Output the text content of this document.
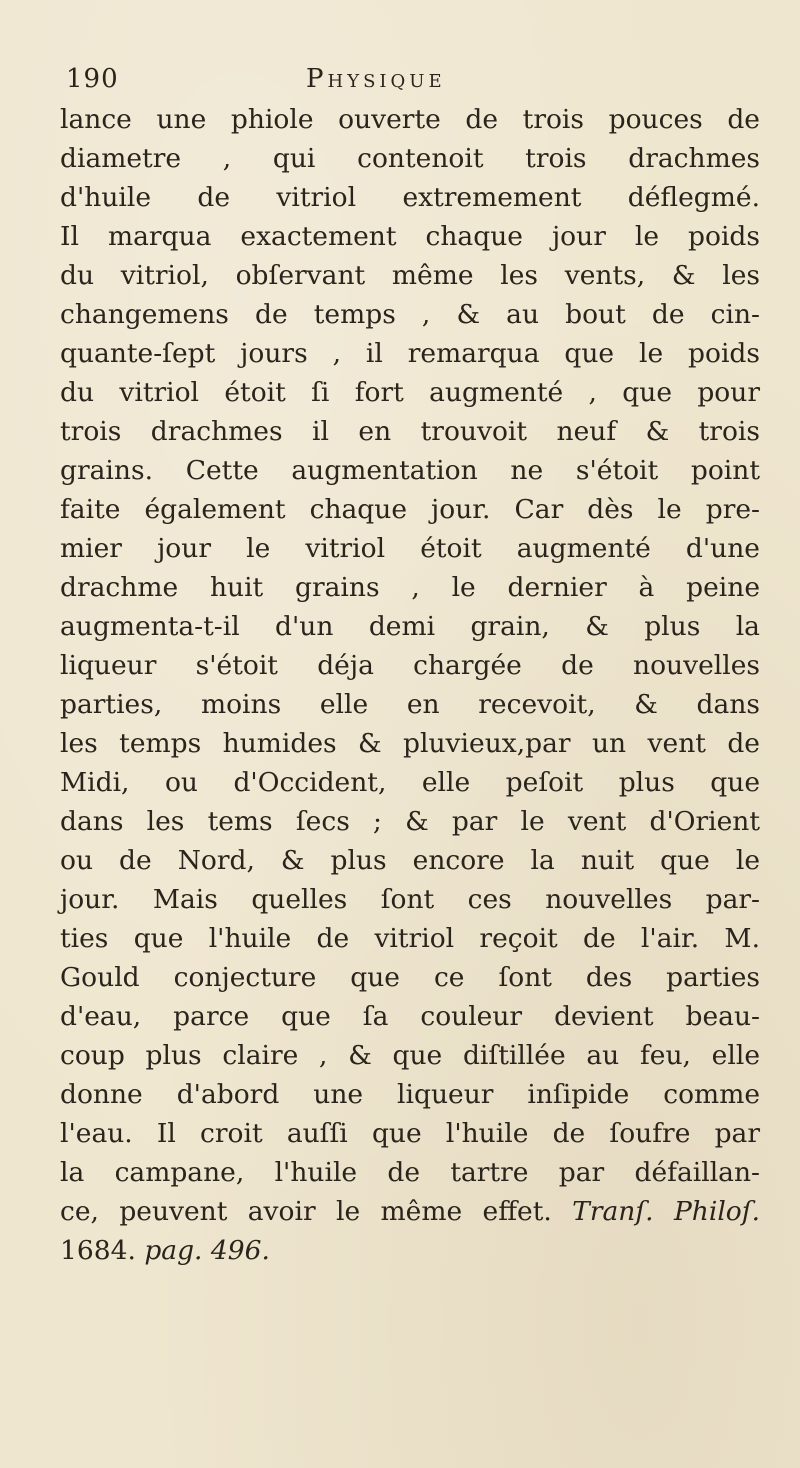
190	Physique
lance une phiole ouverte de trois pouces de
diametre , qui contenoit trois drachmes
d'huile de vitriol extremement déflegmé.
Il marqua exactement chaque jour le poids
du vitriol, obſervant même les vents, & les
changemens de temps , & au bout de cin-
quante-ſept jours , il remarqua que le poids
du vitriol étoit ſi fort augmenté , que pour
trois drachmes il en trouvoit neuf & trois
grains. Cette augmentation ne s'étoit point
faite également chaque jour. Car dès le pre-
mier jour le vitriol étoit augmenté d'une
drachme huit grains , le dernier à peine
augmenta-t-il d'un demi grain, & plus la
liqueur s'étoit déja chargée de nouvelles
parties, moins elle en recevoit, & dans
les temps humides & pluvieux,par un vent de
Midi, ou d'Occident, elle peſoit plus que
dans les tems ſecs ; & par le vent d'Orient
ou de Nord, & plus encore la nuit que le
jour. Mais quelles ſont ces nouvelles par-
ties que l'huile de vitriol reçoit de l'air. M.
Gould conjecture que ce ſont des parties
d'eau, parce que ſa couleur devient beau-
coup plus claire , & que diſtillée au feu, elle
donne d'abord une liqueur inſipide comme
l'eau. Il croit auſſi que l'huile de ſoufre par
la campane, l'huile de tartre par défaillan-
ce, peuvent avoir le même effet. Tranſ. Philoſ.
1684. pag. 496.
